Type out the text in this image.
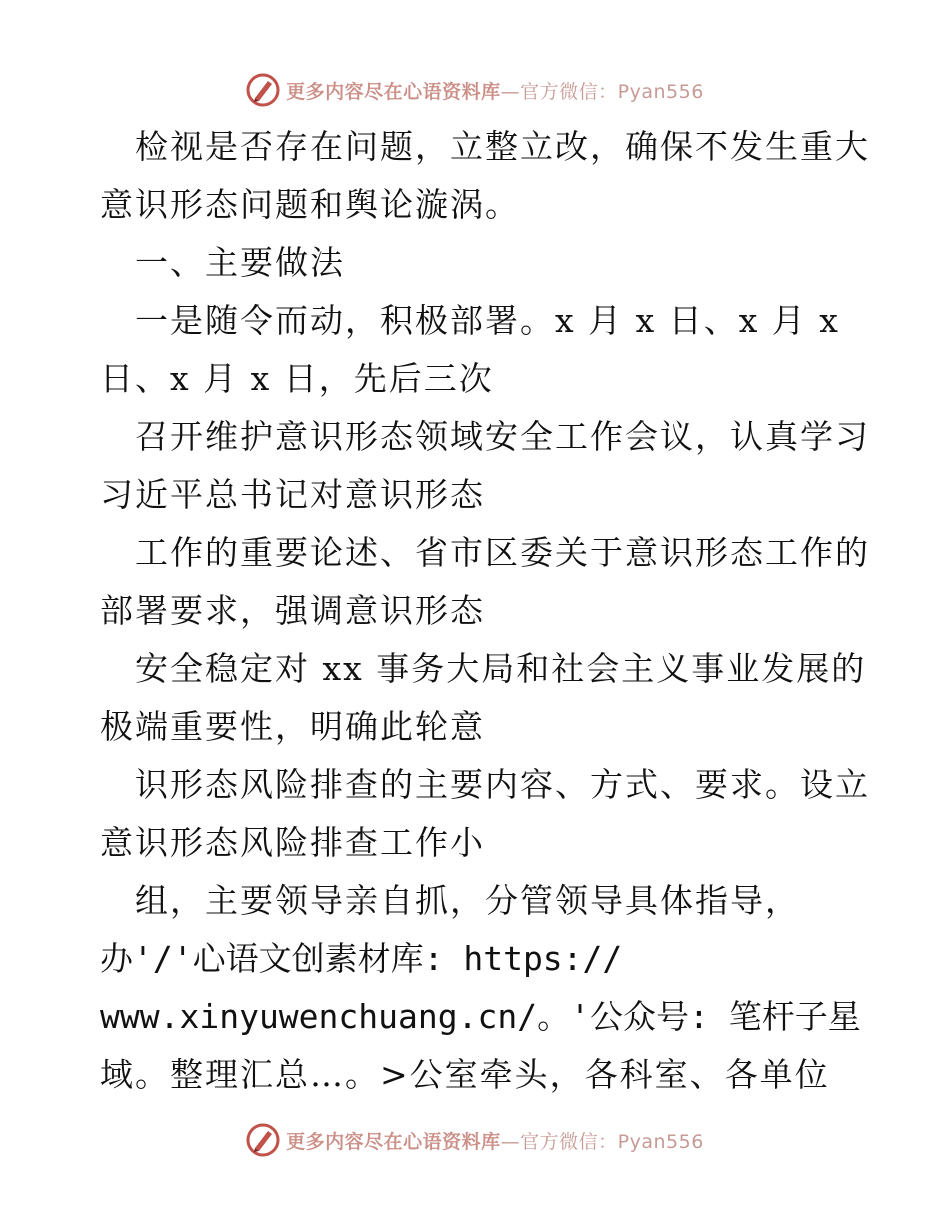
更多内容尽在心语资料库—官方微信：Pyan556
检视是否存在问题，立整立改，确保不发生重大
意识形态问题和舆论漩涡。
一、主要做法
一是随令而动，积极部署。x 月 x 日、x 月 x
日、x 月 x 日，先后三次
召开维护意识形态领域安全工作会议，认真学习
习近平总书记对意识形态
工作的重要论述、省市区委关于意识形态工作的
部署要求，强调意识形态
安全稳定对 xx 事务大局和社会主义事业发展的
极端重要性，明确此轮意
识形态风险排查的主要内容、方式、要求。设立
意识形态风险排查工作小
组，主要领导亲自抓，分管领导具体指导，
办'/'心语文创素材库: https://
www.xinyuwenchuang.cn/。'公众号: 笔杆子星
域。整理汇总…。>公室牵头，各科室、各单位
更多内容尽在心语资料库—官方微信：Pyan556
